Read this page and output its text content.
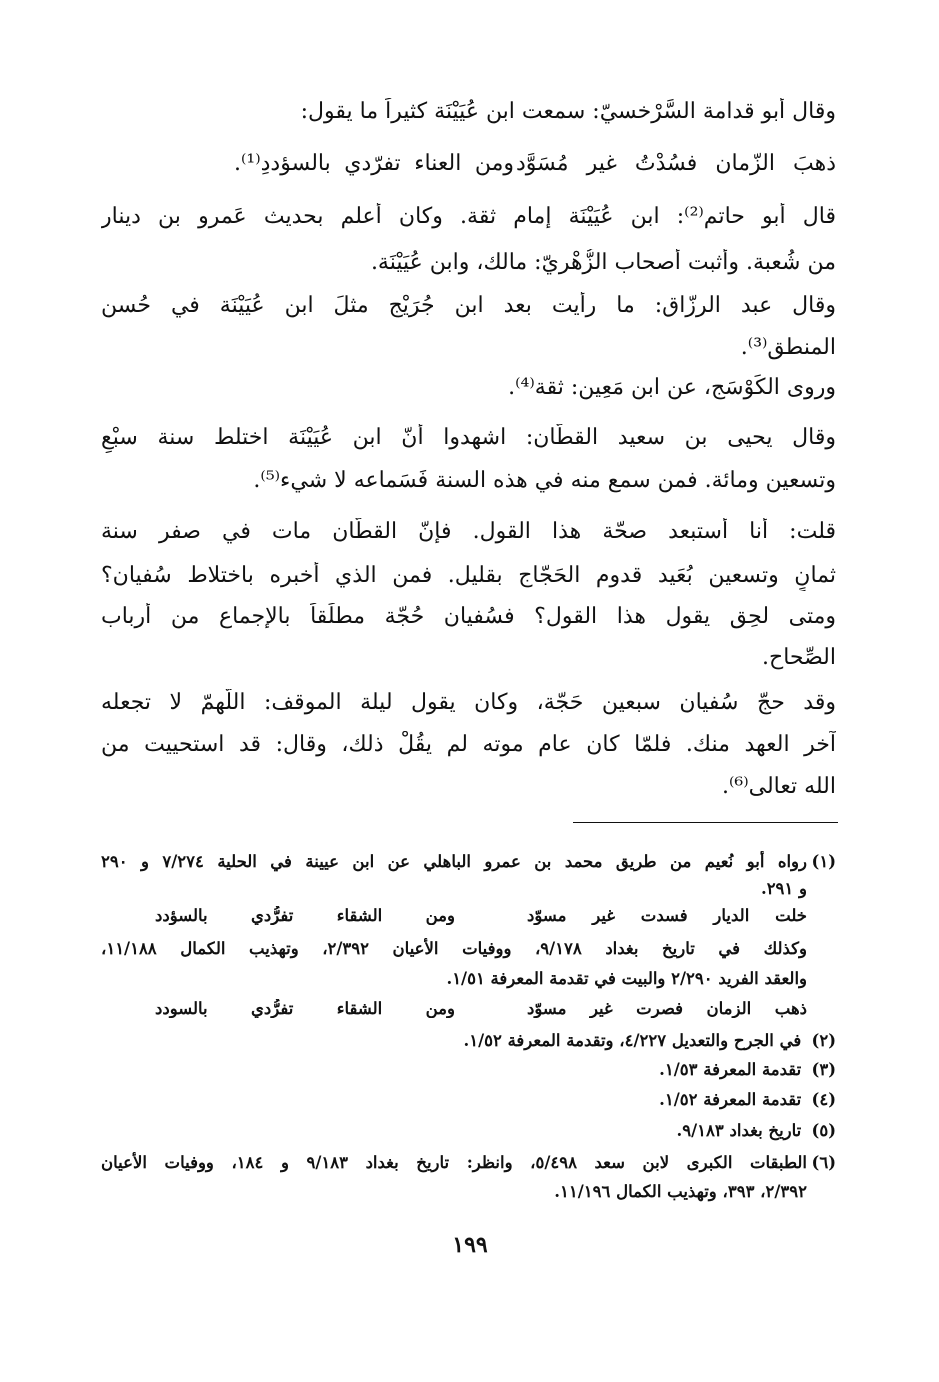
وقال أبو قدامة السَّرْخسيّ: سمعت ابن عُيَيْنَة كثيراً ما يقول:
ذهبَ الزّمان فسُدْتُ غير مُسَوَّد
ومن العناء تفرّدي بالسؤددِ⁽¹⁾.
قال أبو حاتم⁽²⁾: ابن عُيَيْنَة إمام ثقة. وكان أعلم بحديث عَمرو بن دينار
من شُعبة. وأثبت أصحاب الزُّهْريّ: مالك، وابن عُيَيْنَة.
وقال عبد الرزّاق: ما رأيت بعد ابن جُرَيْج مثلَ ابن عُيَيْنَة في حُسن
المنطق⁽³⁾.
وروى الكَوْسَج، عن ابن مَعِين: ثقة⁽⁴⁾.
وقال يحيى بن سعيد القطّان: اشهدوا أنّ ابن عُيَيْنَة اختلط سنة سبْعٍ
وتسعين ومائة. فمن سمع منه في هذه السنة فَسَماعه لا شيء⁽⁵⁾.
قلت: أنا أستبعد صحّة هذا القول. فإنّ القطّان مات في صفر سنة
ثمانٍ وتسعين بُعَيد قدوم الحَجّاج بقليل. فمن الذي أخبره باختلاط سُفيان؟
ومتى لحِق يقول هذا القول؟ فسُفيان حُجّة مطلَقاً بالإجماع من أرباب
الصِّحاح.
وقد حجّ سُفيان سبعين حَجّة، وكان يقول ليلة الموقف: اللّهمّ لا تجعله
آخر العهد منك. فلمّا كان عام موته لم يقُلْ ذلك، وقال: قد استحييت من
الله تعالى⁽⁶⁾.
(١)رواه أبو نُعيم من طريق محمد بن عمرو الباهلي عن ابن عيينة في الحلية ٧/٢٧٤ و ٢٩٠
و ٢٩١.
خلت الديار فسدت غير مسوّد
ومن الشقاء تفرُّدي بالسؤدد
وكذلك في تاريخ بغداد ٩/١٧٨، ووفيات الأعيان ٢/٣٩٢، وتهذيب الكمال ١١/١٨٨،
والعقد الفريد ٢/٢٩٠ والبيت في تقدمة المعرفة ١/٥١.
ذهب الزمان فصرت غير مسوّد
ومن الشقاء تفرُّدي بالسودد
(٢) في الجرح والتعديل ٤/٢٢٧، وتقدمة المعرفة ١/٥٢.
(٣) تقدمة المعرفة ١/٥٣.
(٤) تقدمة المعرفة ١/٥٢.
(٥) تاريخ بغداد ٩/١٨٣.
(٦)الطبقات الكبرى لابن سعد ٥/٤٩٨، وانظر: تاريخ بغداد ٩/١٨٣ و ١٨٤، ووفيات الأعيان
٢/٣٩٢، ٣٩٣، وتهذيب الكمال ١١/١٩٦.
١٩٩
